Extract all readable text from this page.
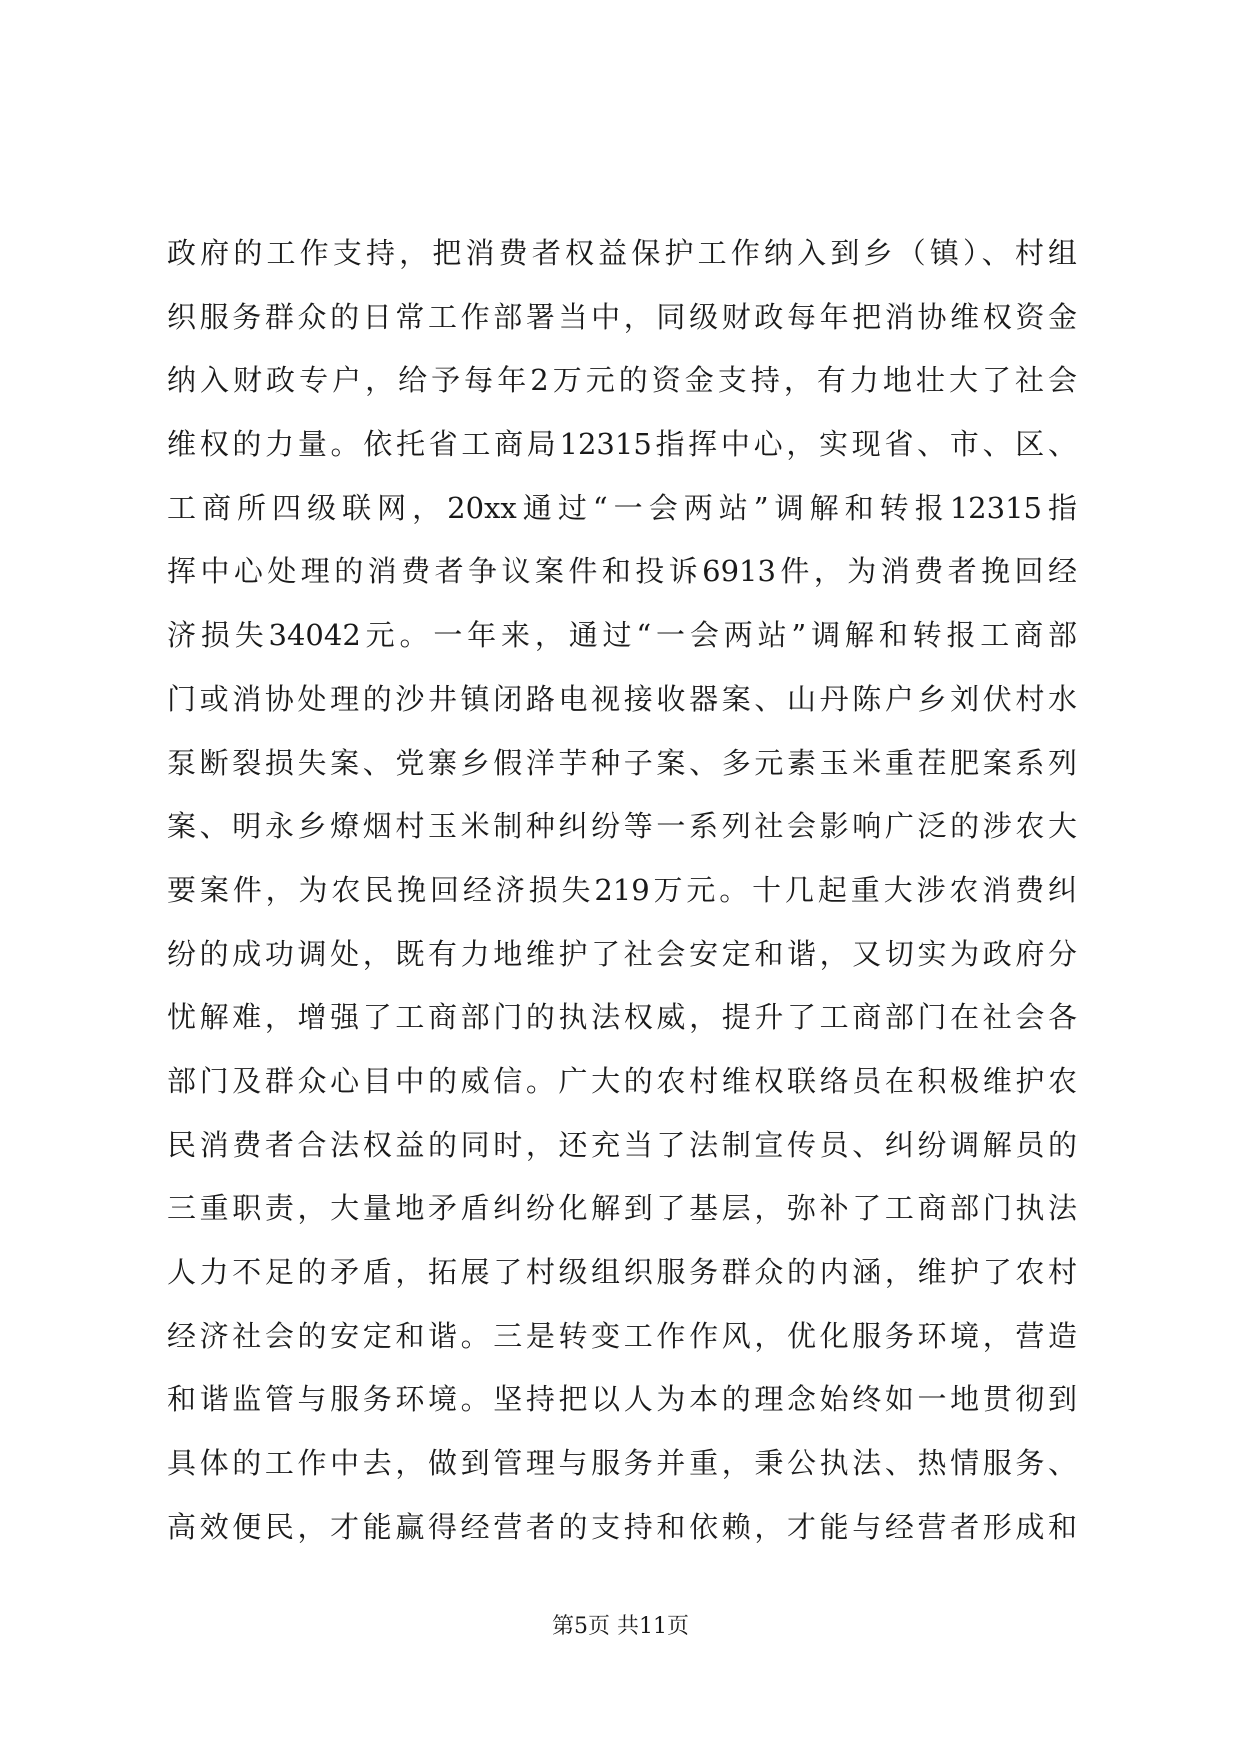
政府的工作支持，把消费者权益保护工作纳入到乡（镇）、村组
织服务群众的日常工作部署当中，同级财政每年把消协维权资金
纳入财政专户，给予每年2万元的资金支持，有力地壮大了社会
维权的力量。依托省工商局12315指挥中心，实现省、市、区、
工商所四级联网，20xx通过“一会两站”调解和转报12315指
挥中心处理的消费者争议案件和投诉6913件，为消费者挽回经
济损失34042元。一年来，通过“一会两站”调解和转报工商部
门或消协处理的沙井镇闭路电视接收器案、山丹陈户乡刘伏村水
泵断裂损失案、党寨乡假洋芋种子案、多元素玉米重茬肥案系列
案、明永乡燎烟村玉米制种纠纷等一系列社会影响广泛的涉农大
要案件，为农民挽回经济损失219万元。十几起重大涉农消费纠
纷的成功调处，既有力地维护了社会安定和谐，又切实为政府分
忧解难，增强了工商部门的执法权威，提升了工商部门在社会各
部门及群众心目中的威信。广大的农村维权联络员在积极维护农
民消费者合法权益的同时，还充当了法制宣传员、纠纷调解员的
三重职责，大量地矛盾纠纷化解到了基层，弥补了工商部门执法
人力不足的矛盾，拓展了村级组织服务群众的内涵，维护了农村
经济社会的安定和谐。三是转变工作作风，优化服务环境，营造
和谐监管与服务环境。坚持把以人为本的理念始终如一地贯彻到
具体的工作中去，做到管理与服务并重，秉公执法、热情服务、
高效便民，才能赢得经营者的支持和依赖，才能与经营者形成和
第5页 共11页
